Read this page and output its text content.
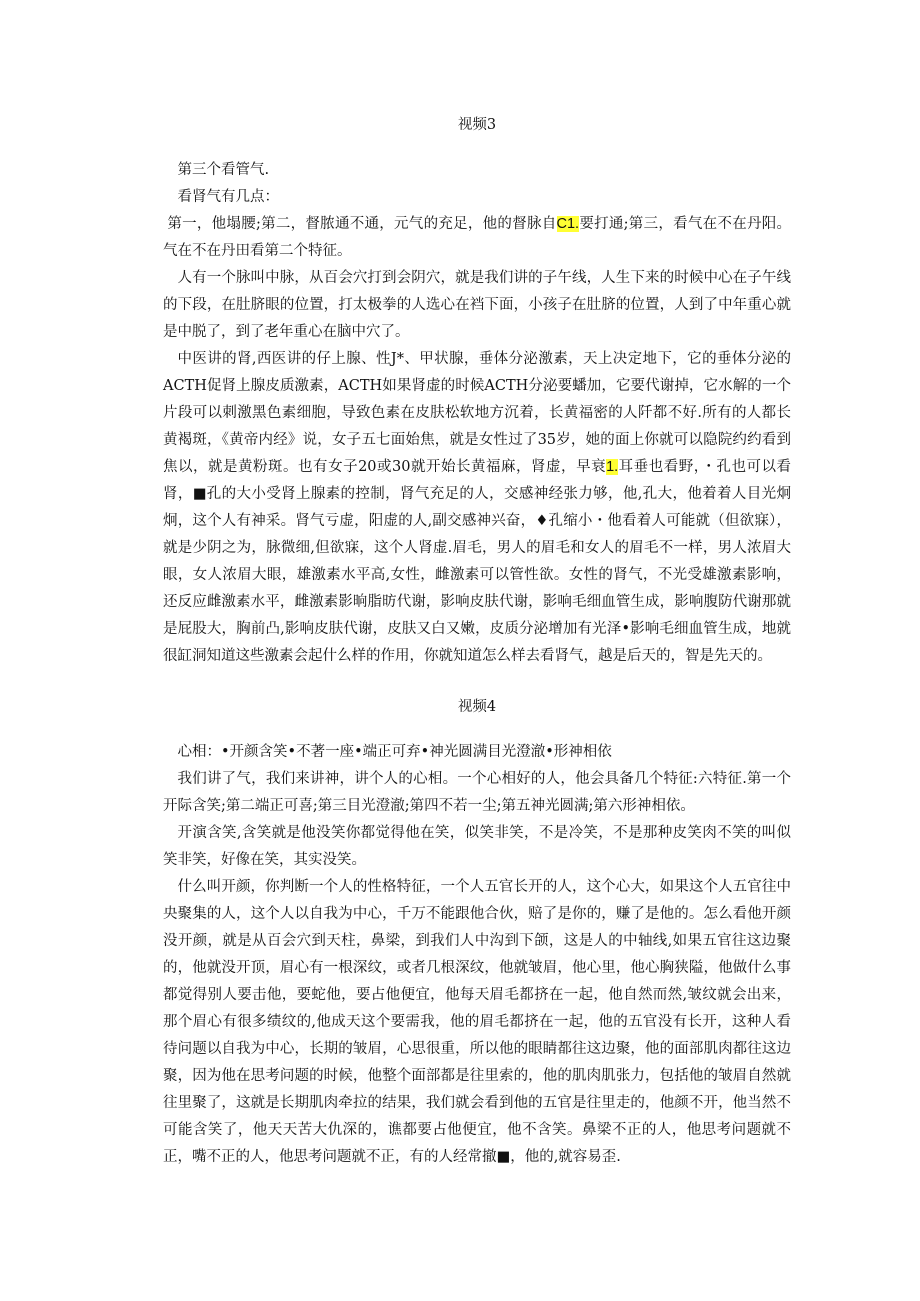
视频3

第三个看管气.

看肾气有几点：

第一，他塌腰;第二，督脓通不通，元气的充足，他的督脉自C1.要打通;第三，看气在不在丹阳。气在不在丹田看第二个特征。

人有一个脉叫中脉，从百会穴打到会阴穴，就是我们讲的子午线，人生下来的时候中心在子午线的下段，在肚脐眼的位置，打太极拳的人选心在裆下面，小孩子在肚脐的位置，人到了中年重心就是中脱了，到了老年重心在脑中穴了。

中医讲的肾,西医讲的仔上腺、性J*、甲状腺，垂体分泌激素，天上决定地下，它的垂体分泌的ACTH促肾上腺皮质激素，ACTH如果肾虚的时候ACTH分泌要蟠加，它要代谢掉，它水解的一个片段可以刺激黑色素细胞，导致色素在皮肤松软地方沉着，长黄福密的人阡都不好.所有的人都长黄褐斑，《黄帝内经》说，女子五七面始焦，就是女性过了35岁，她的面上你就可以隐院约约看到焦以，就是黄粉斑。也有女子20或30就开始长黄福麻，肾虚，早衰1.耳垂也看野，・孔也可以看肾，■孔的大小受肾上腺素的控制，肾气充足的人，交感神经张力够，他,孔大，他着着人目光炯炯，这个人有神采。肾气亏虚，阳虚的人,副交感神兴奋，♦孔缩小・他看着人可能就（但欲寐），就是少阴之为，脉微细,但欲寐，这个人肾虚.眉毛，男人的眉毛和女人的眉毛不一样，男人浓眉大眼，女人浓眉大眼，雄激素水平高,女性，雌激素可以管性欲。女性的肾气，不光受雄激素影响，还反应雌激素水平，雌激素影晌脂昉代谢，影响皮肤代谢，影响毛细血管生成，影响腹防代谢那就是屁股大，胸前凸,影响皮肤代谢，皮肤又白又嫩，皮质分泌增加有光泽•影响毛细血管生成，地就很缸洞知道这些激素会起什么样的作用，你就知道怎么样去看肾气，越是后天的，智是先天的。

视频4

心相：•开颜含笑•不著一座•端正可弃•神光圆满目光澄澈•形神相依

我们讲了气，我们来讲神，讲个人的心相。一个心相好的人，他会具备几个特征:六特征.第一个开际含笑;第二端正可喜;第三目光澄澈;第四不若一尘;第五神光圆满;第六形神相依。

开演含笑,含笑就是他没笑你都觉得他在笑，似笑非笑，不是冷笑，不是那种皮笑肉不笑的叫似笑非笑，好像在笑，其实没笑。

什么叫开颜，你判断一个人的性格特征，一个人五官长开的人，这个心大，如果这个人五官往中央聚集的人，这个人以自我为中心，千万不能跟他合伙，赔了是你的，赚了是他的。怎么看他开颜没开颜，就是从百会穴到天柱，鼻梁，到我们人中沟到下颌，这是人的中轴线,如果五官往这边聚的，他就没开顶，眉心有一根深纹，或者几根深纹，他就皱眉，他心里，他心胸狭隘，他做什么事都觉得别人要击他，要蛇他，要占他便宜，他每天眉毛都挤在一起，他自然而然,皱纹就会出来，那个眉心有很多绩纹的,他成天这个要需我，他的眉毛都挤在一起，他的五官没有长开，这种人看待问题以自我为中心，长期的皱眉，心思很重，所以他的眼睛都往这边聚，他的面部肌肉都往这边聚，因为他在思考问题的时候，他整个面部都是往里索的，他的肌肉肌张力，包括他的皱眉自然就往里聚了，这就是长期肌肉牵拉的结果，我们就会看到他的五官是往里走的，他颜不开，他当然不可能含笑了，他天天苦大仇深的，谯都要占他便宜，他不含笑。鼻梁不正的人，他思考问题就不正，嘴不正的人，他思考问题就不正，有的人经常撤■，他的,就容易歪.
